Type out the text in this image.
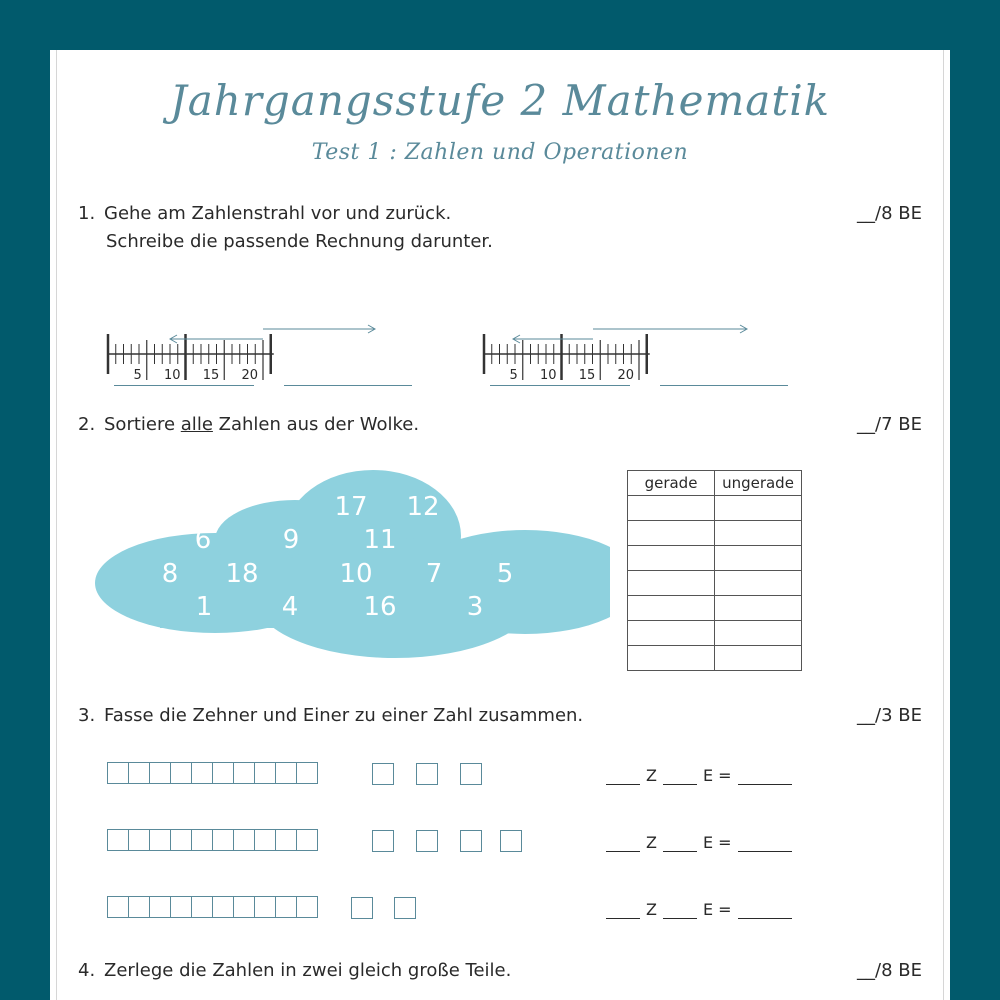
Jahrgangsstufe 2 Mathematik
Test 1 : Zahlen und Operationen
1. Gehe am Zahlenstrahl vor und zurück.
Schreibe die passende Rechnung darunter.
__/8 BE
5 10 15 20	5 10 15 20
2. Sortiere alle Zahlen aus der Wolke.	__/7 BE
17 12
6	9 11
8 18	10 7 5
1	4	16	3
gerade	ungerade

3. Fasse die Zehner und Einer zu einer Zahl zusammen.	__/3 BE
Z	E =
Z	E =
Z	E =
4. Zerlege die Zahlen in zwei gleich große Teile.	__/8 BE
